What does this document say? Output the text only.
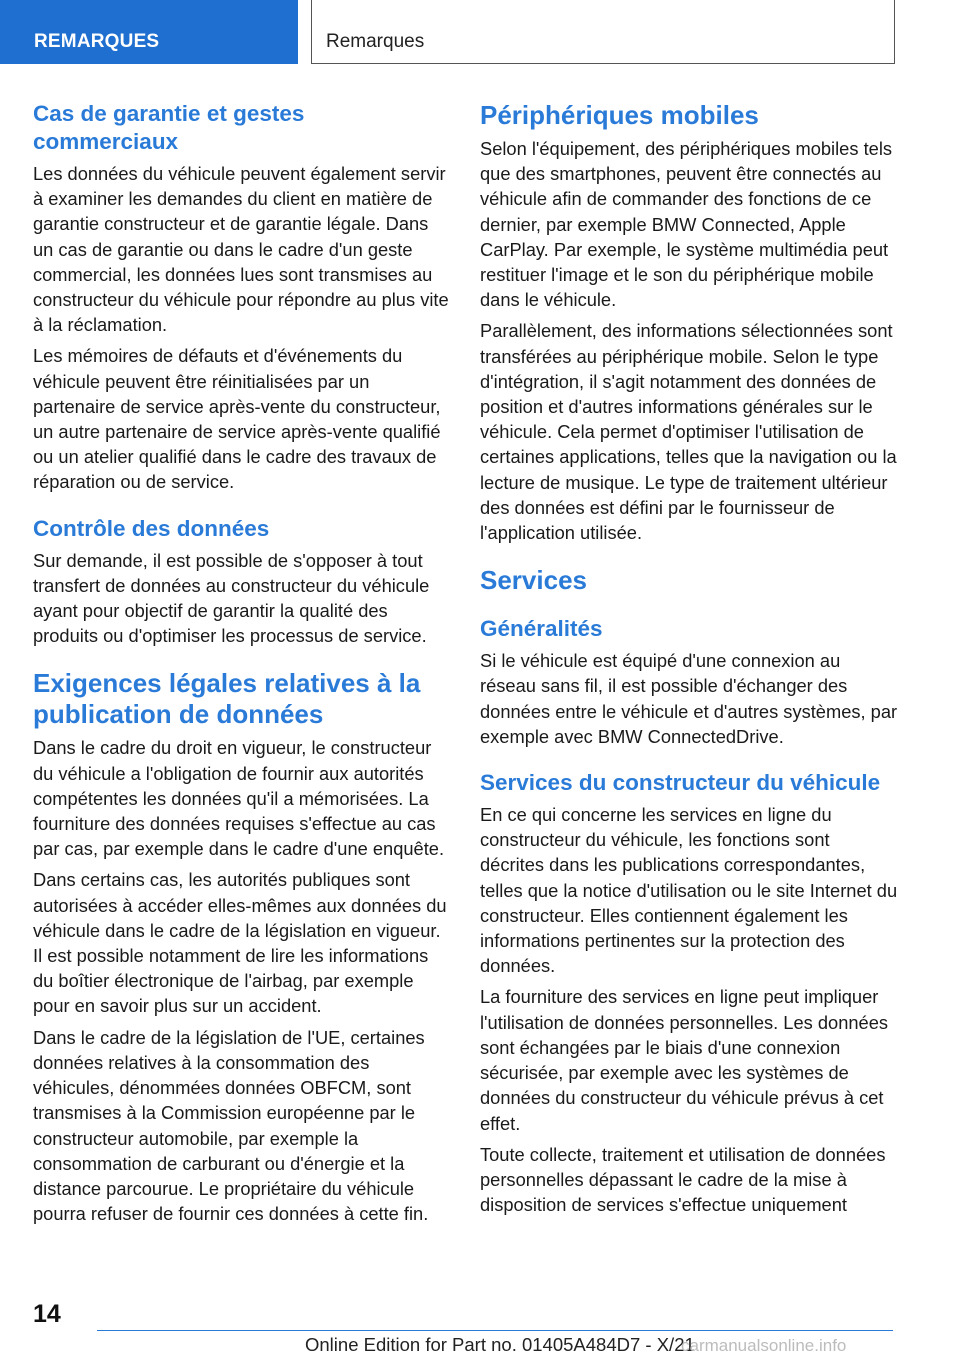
REMARQUES	Remarques
Cas de garantie et gestes commerciaux
Les données du véhicule peuvent également servir à examiner les demandes du client en matière de garantie constructeur et de garantie légale. Dans un cas de garantie ou dans le cadre d'un geste commercial, les données lues sont transmises au constructeur du véhicule pour répondre au plus vite à la réclamation.
Les mémoires de défauts et d'événements du véhicule peuvent être réinitialisées par un partenaire de service après-vente du constructeur, un autre partenaire de service après-vente qualifié ou un atelier qualifié dans le cadre des travaux de réparation ou de service.
Contrôle des données
Sur demande, il est possible de s'opposer à tout transfert de données au constructeur du véhicule ayant pour objectif de garantir la qualité des produits ou d'optimiser les processus de service.
Exigences légales relatives à la publication de données
Dans le cadre du droit en vigueur, le constructeur du véhicule a l'obligation de fournir aux autorités compétentes les données qu'il a mémorisées. La fourniture des données requises s'effectue au cas par cas, par exemple dans le cadre d'une enquête.
Dans certains cas, les autorités publiques sont autorisées à accéder elles-mêmes aux données du véhicule dans le cadre de la législation en vigueur. Il est possible notamment de lire les informations du boîtier électronique de l'airbag, par exemple pour en savoir plus sur un accident.
Dans le cadre de la législation de l'UE, certaines données relatives à la consommation des véhicules, dénommées données OBFCM, sont transmises à la Commission européenne par le constructeur automobile, par exemple la consommation de carburant ou d'énergie et la distance parcourue. Le propriétaire du véhicule pourra refuser de fournir ces données à cette fin.
Périphériques mobiles
Selon l'équipement, des périphériques mobiles tels que des smartphones, peuvent être connectés au véhicule afin de commander des fonctions de ce dernier, par exemple BMW Connected, Apple CarPlay. Par exemple, le système multimédia peut restituer l'image et le son du périphérique mobile dans le véhicule.
Parallèlement, des informations sélectionnées sont transférées au périphérique mobile. Selon le type d'intégration, il s'agit notamment des données de position et d'autres informations générales sur le véhicule. Cela permet d'optimiser l'utilisation de certaines applications, telles que la navigation ou la lecture de musique. Le type de traitement ultérieur des données est défini par le fournisseur de l'application utilisée.
Services
Généralités
Si le véhicule est équipé d'une connexion au réseau sans fil, il est possible d'échanger des données entre le véhicule et d'autres systèmes, par exemple avec BMW ConnectedDrive.
Services du constructeur du véhicule
En ce qui concerne les services en ligne du constructeur du véhicule, les fonctions sont décrites dans les publications correspondantes, telles que la notice d'utilisation ou le site Internet du constructeur. Elles contiennent également les informations pertinentes sur la protection des données.
La fourniture des services en ligne peut impliquer l'utilisation de données personnelles. Les données sont échangées par le biais d'une connexion sécurisée, par exemple avec les systèmes de données du constructeur du véhicule prévus à cet effet.
Toute collecte, traitement et utilisation de données personnelles dépassant le cadre de la mise à disposition de services s'effectue uniquement
14
Online Edition for Part no. 01405A484D7 - X/21
carmanualsonline.info
